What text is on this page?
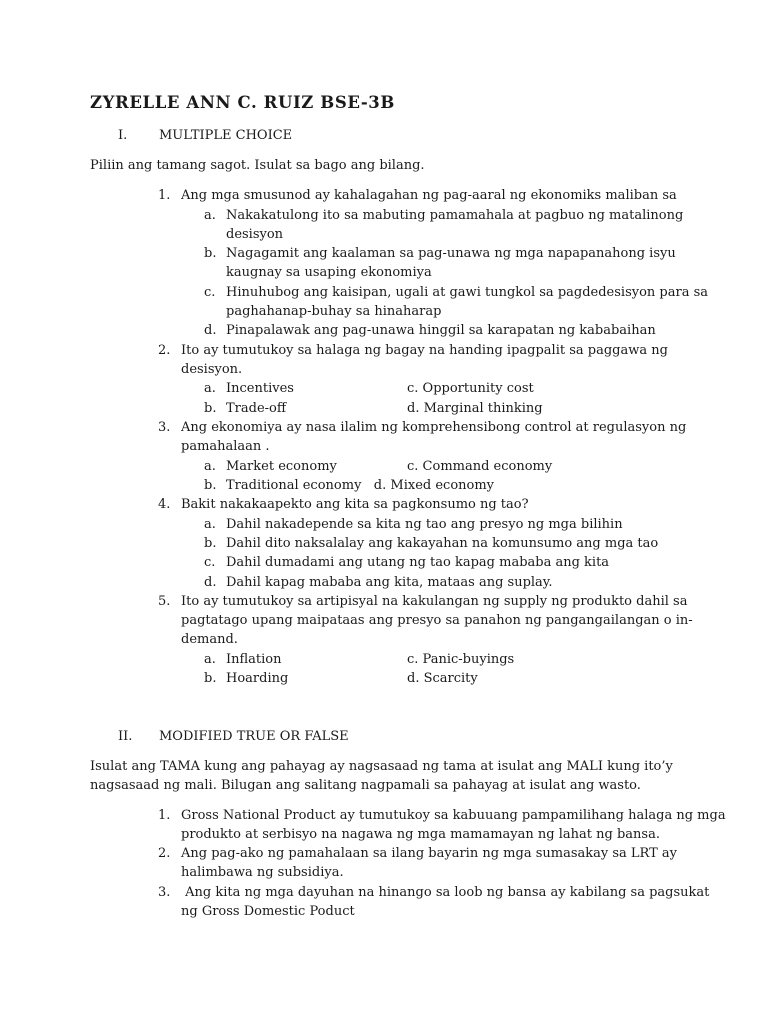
ZYRELLE ANN C. RUIZ BSE-3B
I. MULTIPLE CHOICE
Piliin ang tamang sagot. Isulat sa bago ang bilang.
1. Ang mga smusunod ay kahalagahan ng pag-aaral ng ekonomiks maliban sa
a. Nakakatulong ito sa mabuting pamamahala at pagbuo ng matalinong
desisyon
b. Nagagamit ang kaalaman sa pag-unawa ng mga napapanahong isyu
kaugnay sa usaping ekonomiya
c. Hinuhubog ang kaisipan, ugali at gawi tungkol sa pagdedesisyon para sa
paghahanap-buhay sa hinaharap
d. Pinapalawak ang pag-unawa hinggil sa karapatan ng kababaihan
2. Ito ay tumutukoy sa halaga ng bagay na handing ipagpalit sa paggawa ng
desisyon.
a. Incentives	c. Opportunity cost
b. Trade-off	d. Marginal thinking
3. Ang ekonomiya ay nasa ilalim ng komprehensibong control at regulasyon ng
pamahalaan .
a. Market economy	c. Command economy
b. Traditional economy   d. Mixed economy
4. Bakit nakakaapekto ang kita sa pagkonsumo ng tao?
a. Dahil nakadepende sa kita ng tao ang presyo ng mga bilihin
b. Dahil dito naksalalay ang kakayahan na komunsumo ang mga tao
c. Dahil dumadami ang utang ng tao kapag mababa ang kita
d. Dahil kapag mababa ang kita, mataas ang suplay.
5. Ito ay tumutukoy sa artipisyal na kakulangan ng supply ng produkto dahil sa
pagtatago upang maipataas ang presyo sa panahon ng pangangailangan o in-
demand.
a. Inflation	c. Panic-buyings
b. Hoarding	d. Scarcity
II. MODIFIED TRUE OR FALSE
Isulat ang TAMA kung ang pahayag ay nagsasaad ng tama at isulat ang MALI kung ito’y
nagsasaad ng mali. Bilugan ang salitang nagpamali sa pahayag at isulat ang wasto.
1. Gross National Product ay tumutukoy sa kabuuang pampamilihang halaga ng mga
produkto at serbisyo na nagawa ng mga mamamayan ng lahat ng bansa.
2. Ang pag-ako ng pamahalaan sa ilang bayarin ng mga sumasakay sa LRT ay
halimbawa ng subsidiya.
3. Ang kita ng mga dayuhan na hinango sa loob ng bansa ay kabilang sa pagsukat
ng Gross Domestic Poduct
